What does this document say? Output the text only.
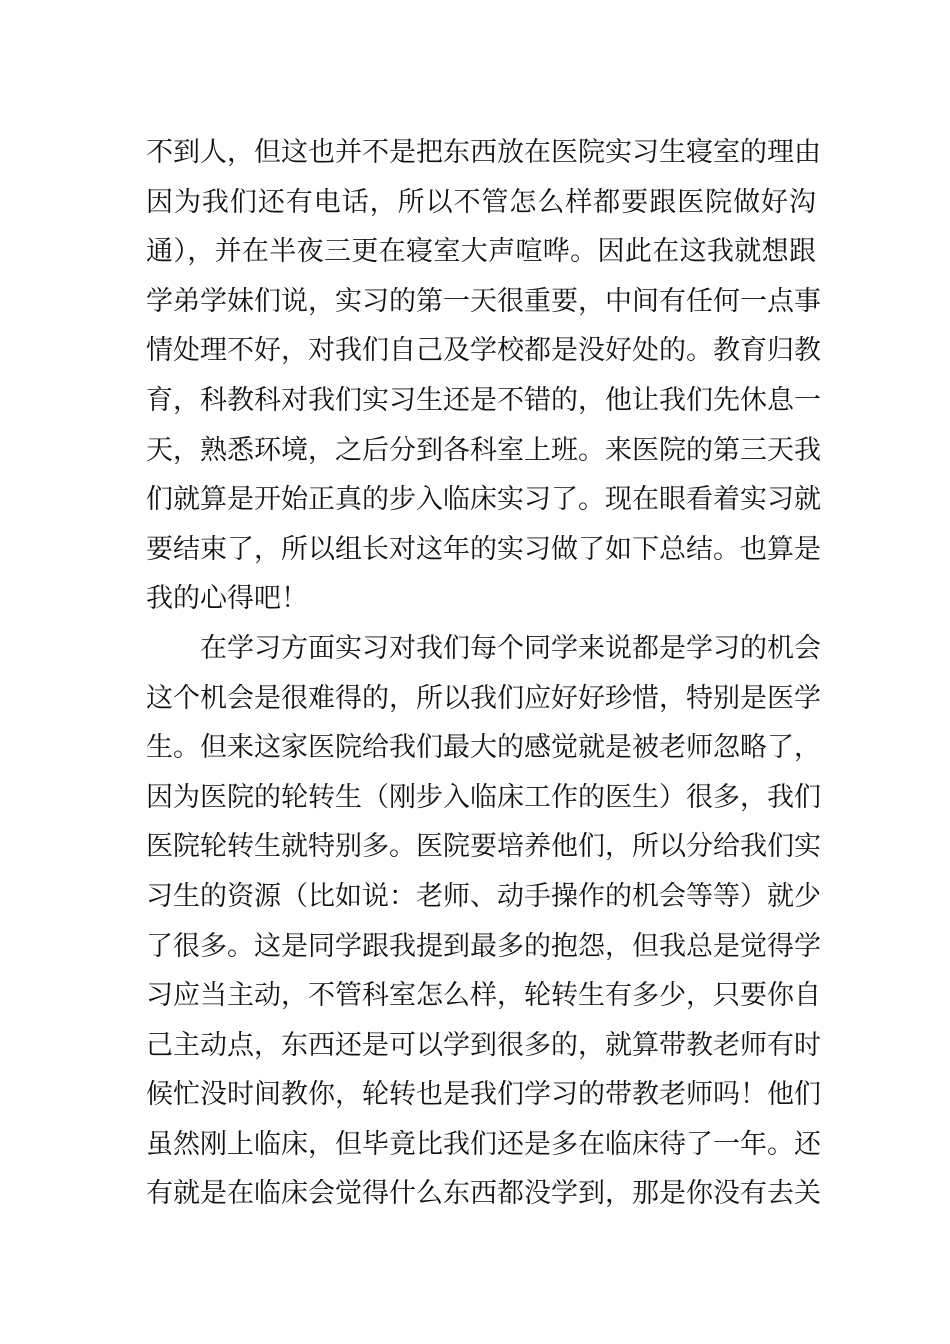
不到人，但这也并不是把东西放在医院实习生寝室的理由
因为我们还有电话，所以不管怎么样都要跟医院做好沟
通），并在半夜三更在寝室大声喧哗。因此在这我就想跟
学弟学妹们说，实习的第一天很重要，中间有任何一点事
情处理不好，对我们自己及学校都是没好处的。教育归教
育，科教科对我们实习生还是不错的，他让我们先休息一
天，熟悉环境，之后分到各科室上班。来医院的第三天我
们就算是开始正真的步入临床实习了。现在眼看着实习就
要结束了，所以组长对这年的实习做了如下总结。也算是
我的心得吧！
在学习方面实习对我们每个同学来说都是学习的机会
这个机会是很难得的，所以我们应好好珍惜，特别是医学
生。但来这家医院给我们最大的感觉就是被老师忽略了，
因为医院的轮转生（刚步入临床工作的医生）很多，我们
医院轮转生就特别多。医院要培养他们，所以分给我们实
习生的资源（比如说：老师、动手操作的机会等等）就少
了很多。这是同学跟我提到最多的抱怨，但我总是觉得学
习应当主动，不管科室怎么样，轮转生有多少，只要你自
己主动点，东西还是可以学到很多的，就算带教老师有时
候忙没时间教你，轮转也是我们学习的带教老师吗！他们
虽然刚上临床，但毕竟比我们还是多在临床待了一年。还
有就是在临床会觉得什么东西都没学到，那是你没有去关
